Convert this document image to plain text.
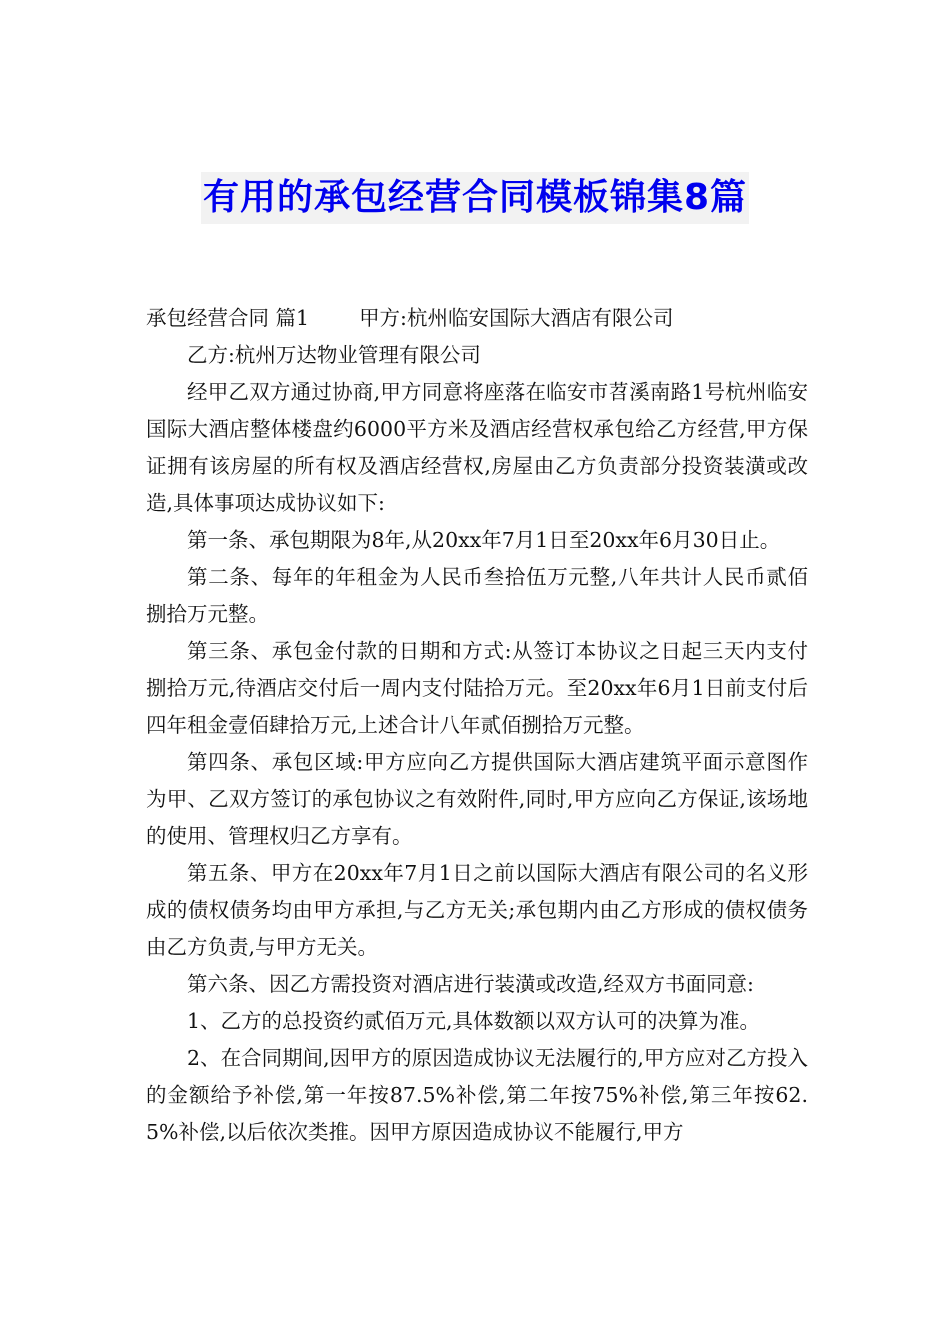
有用的承包经营合同模板锦集8篇

承包经营合同 篇1 甲方:杭州临安国际大酒店有限公司

乙方:杭州万达物业管理有限公司

经甲乙双方通过协商,甲方同意将座落在临安市苕溪南路1号杭州临安国际大酒店整体楼盘约6000平方米及酒店经营权承包给乙方经营,甲方保证拥有该房屋的所有权及酒店经营权,房屋由乙方负责部分投资装潢或改造,具体事项达成协议如下:

第一条、承包期限为8年,从20xx年7月1日至20xx年6月30日止。

第二条、每年的年租金为人民币叁拾伍万元整,八年共计人民币贰佰捌拾万元整。

第三条、承包金付款的日期和方式:从签订本协议之日起三天内支付捌拾万元,待酒店交付后一周内支付陆拾万元。至20xx年6月1日前支付后四年租金壹佰肆拾万元,上述合计八年贰佰捌拾万元整。

第四条、承包区域:甲方应向乙方提供国际大酒店建筑平面示意图作为甲、乙双方签订的承包协议之有效附件,同时,甲方应向乙方保证,该场地的使用、管理权归乙方享有。

第五条、甲方在20xx年7月1日之前以国际大酒店有限公司的名义形成的债权债务均由甲方承担,与乙方无关;承包期内由乙方形成的债权债务由乙方负责,与甲方无关。

第六条、因乙方需投资对酒店进行装潢或改造,经双方书面同意:

1、乙方的总投资约贰佰万元,具体数额以双方认可的决算为准。

2、在合同期间,因甲方的原因造成协议无法履行的,甲方应对乙方投入的金额给予补偿,第一年按87.5%补偿,第二年按75%补偿,第三年按62.5%补偿,以后依次类推。因甲方原因造成协议不能履行,甲方
